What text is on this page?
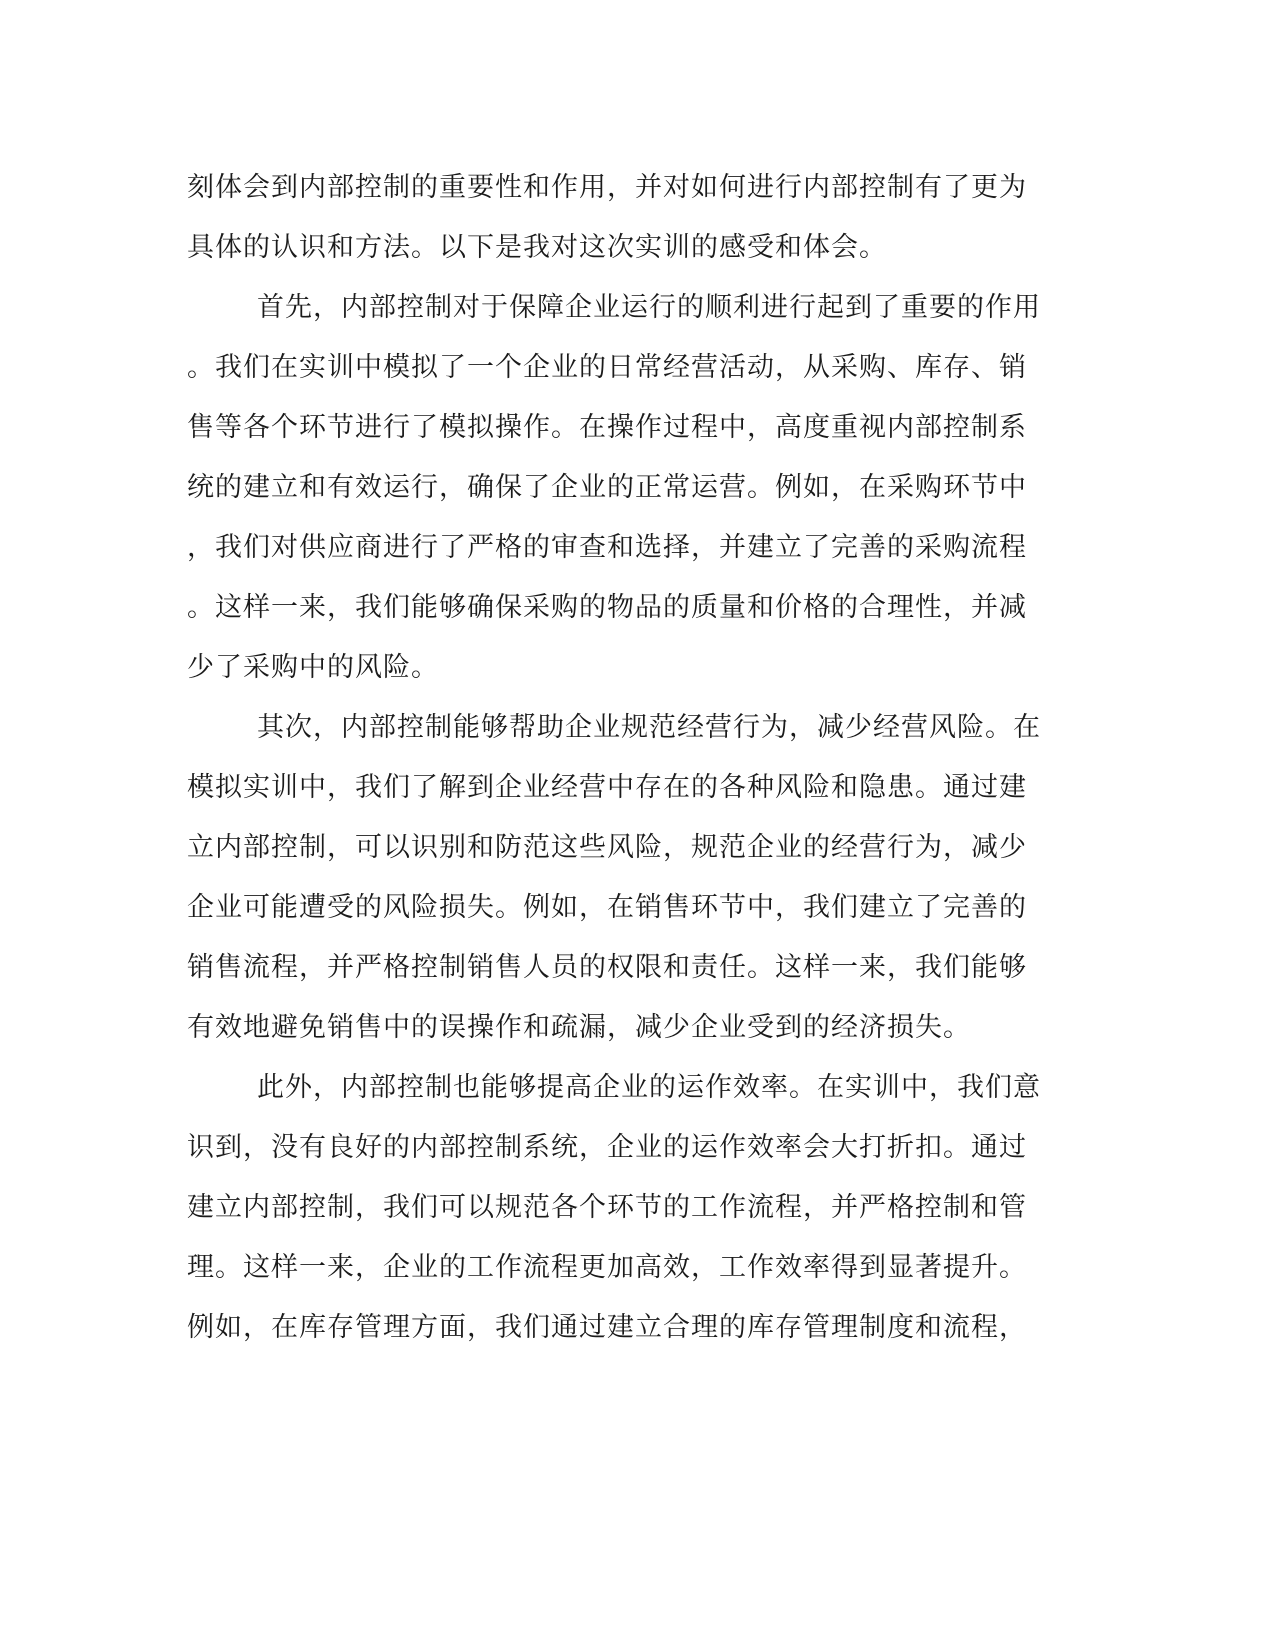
刻体会到内部控制的重要性和作用，并对如何进行内部控制有了更为
具体的认识和方法。以下是我对这次实训的感受和体会。
首先，内部控制对于保障企业运行的顺利进行起到了重要的作用
。我们在实训中模拟了一个企业的日常经营活动，从采购、库存、销
售等各个环节进行了模拟操作。在操作过程中，高度重视内部控制系
统的建立和有效运行，确保了企业的正常运营。例如，在采购环节中
，我们对供应商进行了严格的审查和选择，并建立了完善的采购流程
。这样一来，我们能够确保采购的物品的质量和价格的合理性，并减
少了采购中的风险。
其次，内部控制能够帮助企业规范经营行为，减少经营风险。在
模拟实训中，我们了解到企业经营中存在的各种风险和隐患。通过建
立内部控制，可以识别和防范这些风险，规范企业的经营行为，减少
企业可能遭受的风险损失。例如，在销售环节中，我们建立了完善的
销售流程，并严格控制销售人员的权限和责任。这样一来，我们能够
有效地避免销售中的误操作和疏漏，减少企业受到的经济损失。
此外，内部控制也能够提高企业的运作效率。在实训中，我们意
识到，没有良好的内部控制系统，企业的运作效率会大打折扣。通过
建立内部控制，我们可以规范各个环节的工作流程，并严格控制和管
理。这样一来，企业的工作流程更加高效，工作效率得到显著提升。
例如，在库存管理方面，我们通过建立合理的库存管理制度和流程，
